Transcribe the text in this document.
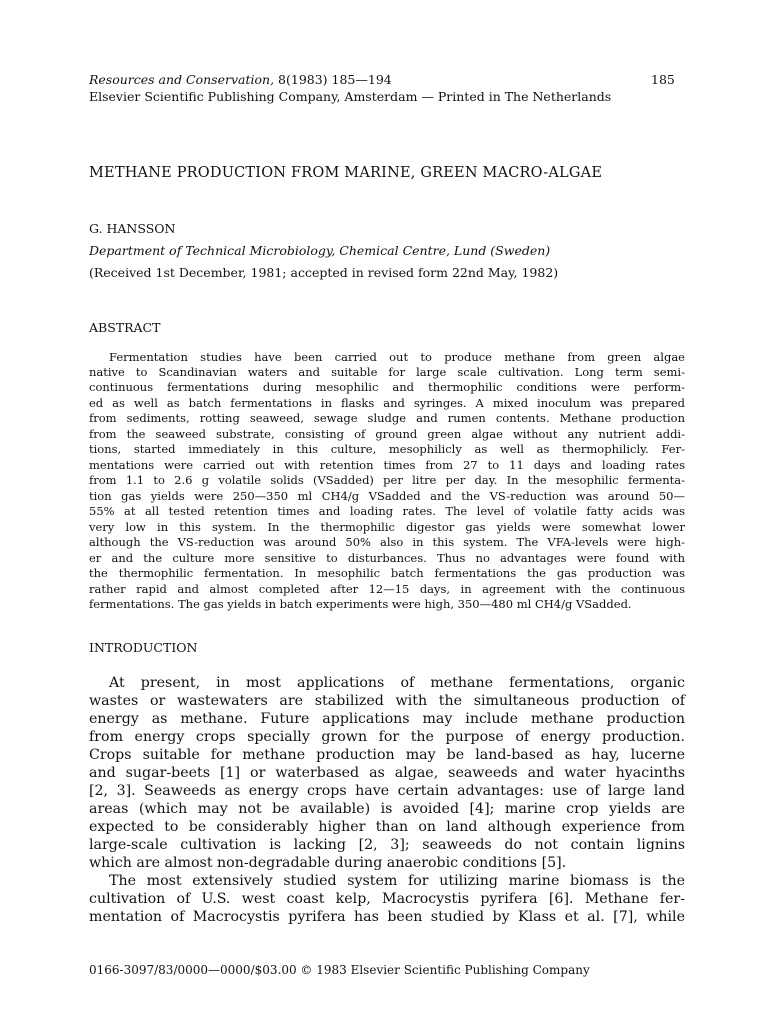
Resources and Conservation, 8(1983) 185—194	185
Elsevier Scientific Publishing Company, Amsterdam — Printed in The Netherlands
METHANE PRODUCTION FROM MARINE, GREEN MACRO-ALGAE
G. HANSSON
Department of Technical Microbiology, Chemical Centre, Lund (Sweden)
(Received 1st December, 1981; accepted in revised form 22nd May, 1982)
ABSTRACT
Fermentation studies have been carried out to produce methane from green algae
native to Scandinavian waters and suitable for large scale cultivation. Long term semi-
continuous fermentations during mesophilic and thermophilic conditions were perform-
ed as well as batch fermentations in flasks and syringes. A mixed inoculum was prepared
from sediments, rotting seaweed, sewage sludge and rumen contents. Methane production
from the seaweed substrate, consisting of ground green algae without any nutrient addi-
tions, started immediately in this culture, mesophilicly as well as thermophilicly. Fer-
mentations were carried out with retention times from 27 to 11 days and loading rates
from 1.1 to 2.6 g volatile solids (VSadded) per litre per day. In the mesophilic fermenta-
tion gas yields were 250—350 ml CH4/g VSadded and the VS-reduction was around 50—
55% at all tested retention times and loading rates. The level of volatile fatty acids was
very low in this system. In the thermophilic digestor gas yields were somewhat lower
although the VS-reduction was around 50% also in this system. The VFA-levels were high-
er and the culture more sensitive to disturbances. Thus no advantages were found with
the thermophilic fermentation. In mesophilic batch fermentations the gas production was
rather rapid and almost completed after 12—15 days, in agreement with the continuous
fermentations. The gas yields in batch experiments were high, 350—480 ml CH4/g VSadded.
INTRODUCTION
At present, in most applications of methane fermentations, organic
wastes or wastewaters are stabilized with the simultaneous production of
energy as methane. Future applications may include methane production
from energy crops specially grown for the purpose of energy production.
Crops suitable for methane production may be land-based as hay, lucerne
and sugar-beets [1] or waterbased as algae, seaweeds and water hyacinths
[2, 3]. Seaweeds as energy crops have certain advantages: use of large land
areas (which may not be available) is avoided [4]; marine crop yields are
expected to be considerably higher than on land although experience from
large-scale cultivation is lacking [2, 3]; seaweeds do not contain lignins
which are almost non-degradable during anaerobic conditions [5].
The most extensively studied system for utilizing marine biomass is the
cultivation of U.S. west coast kelp, Macrocystis pyrifera [6]. Methane fer-
mentation of Macrocystis pyrifera has been studied by Klass et al. [7], while
0166-3097/83/0000—0000/$03.00 © 1983 Elsevier Scientific Publishing Company
